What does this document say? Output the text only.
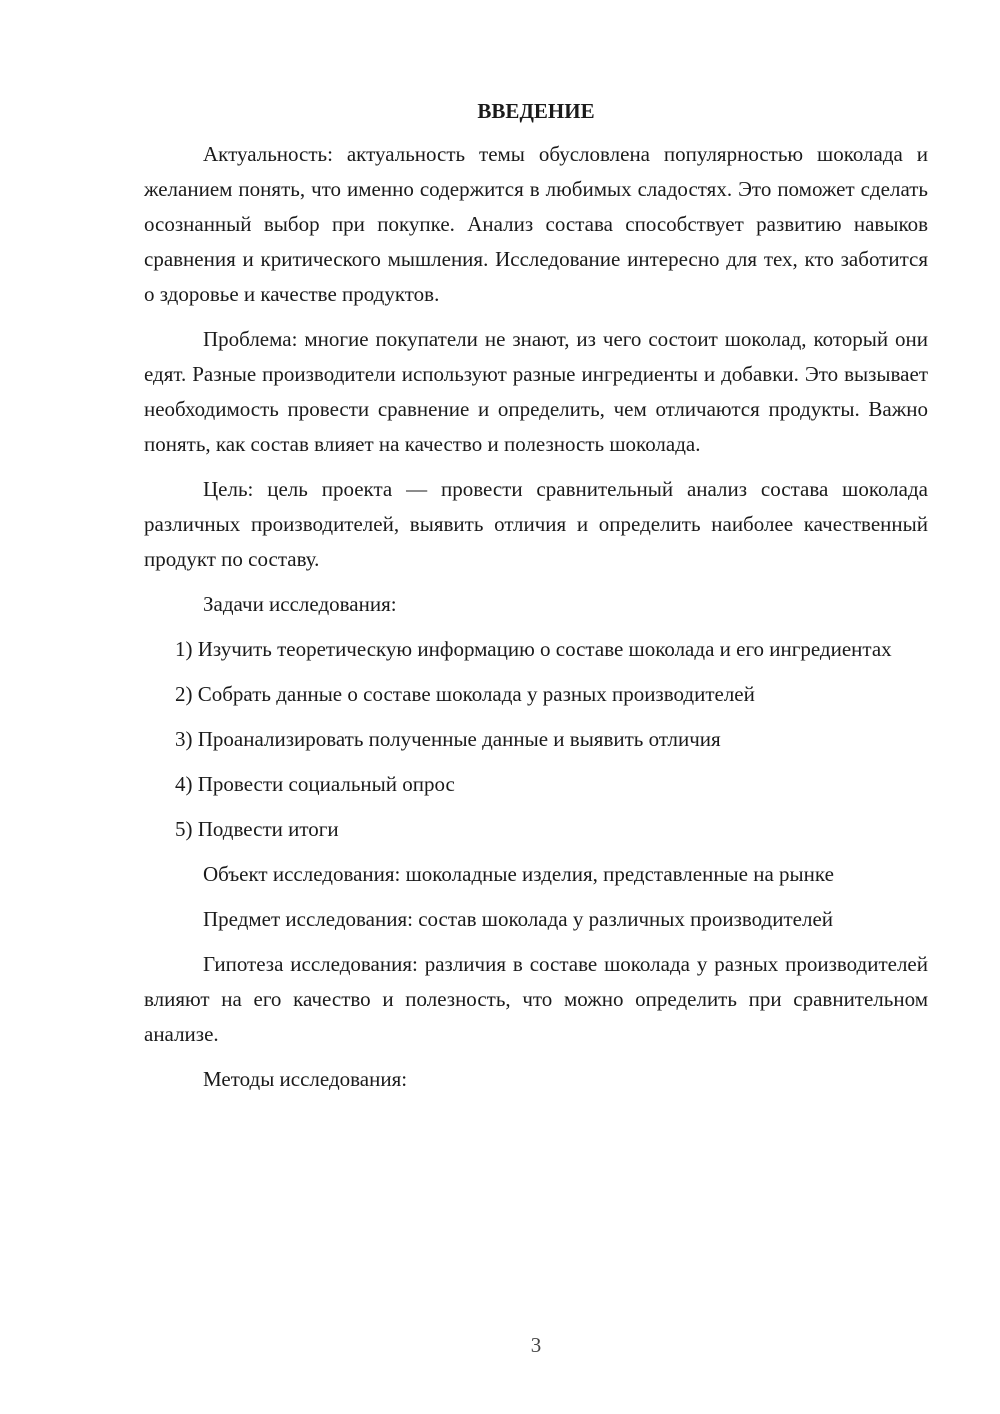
ВВЕДЕНИЕ

Актуальность: актуальность темы обусловлена популярностью шоколада и желанием понять, что именно содержится в любимых сладостях. Это поможет сделать осознанный выбор при покупке. Анализ состава способствует развитию навыков сравнения и критического мышления. Исследование интересно для тех, кто заботится о здоровье и качестве продуктов.

Проблема: многие покупатели не знают, из чего состоит шоколад, который они едят. Разные производители используют разные ингредиенты и добавки. Это вызывает необходимость провести сравнение и определить, чем отличаются продукты. Важно понять, как состав влияет на качество и полезность шоколада.

Цель: цель проекта — провести сравнительный анализ состава шоколада различных производителей, выявить отличия и определить наиболее качественный продукт по составу.

Задачи исследования:

1) Изучить теоретическую информацию о составе шоколада и его ингредиентах

2) Собрать данные о составе шоколада у разных производителей

3) Проанализировать полученные данные и выявить отличия

4) Провести социальный опрос

5) Подвести итоги

Объект исследования: шоколадные изделия, представленные на рынке

Предмет исследования: состав шоколада у различных производителей

Гипотеза исследования: различия в составе шоколада у разных производителей влияют на его качество и полезность, что можно определить при сравнительном анализе.

Методы исследования:

3
